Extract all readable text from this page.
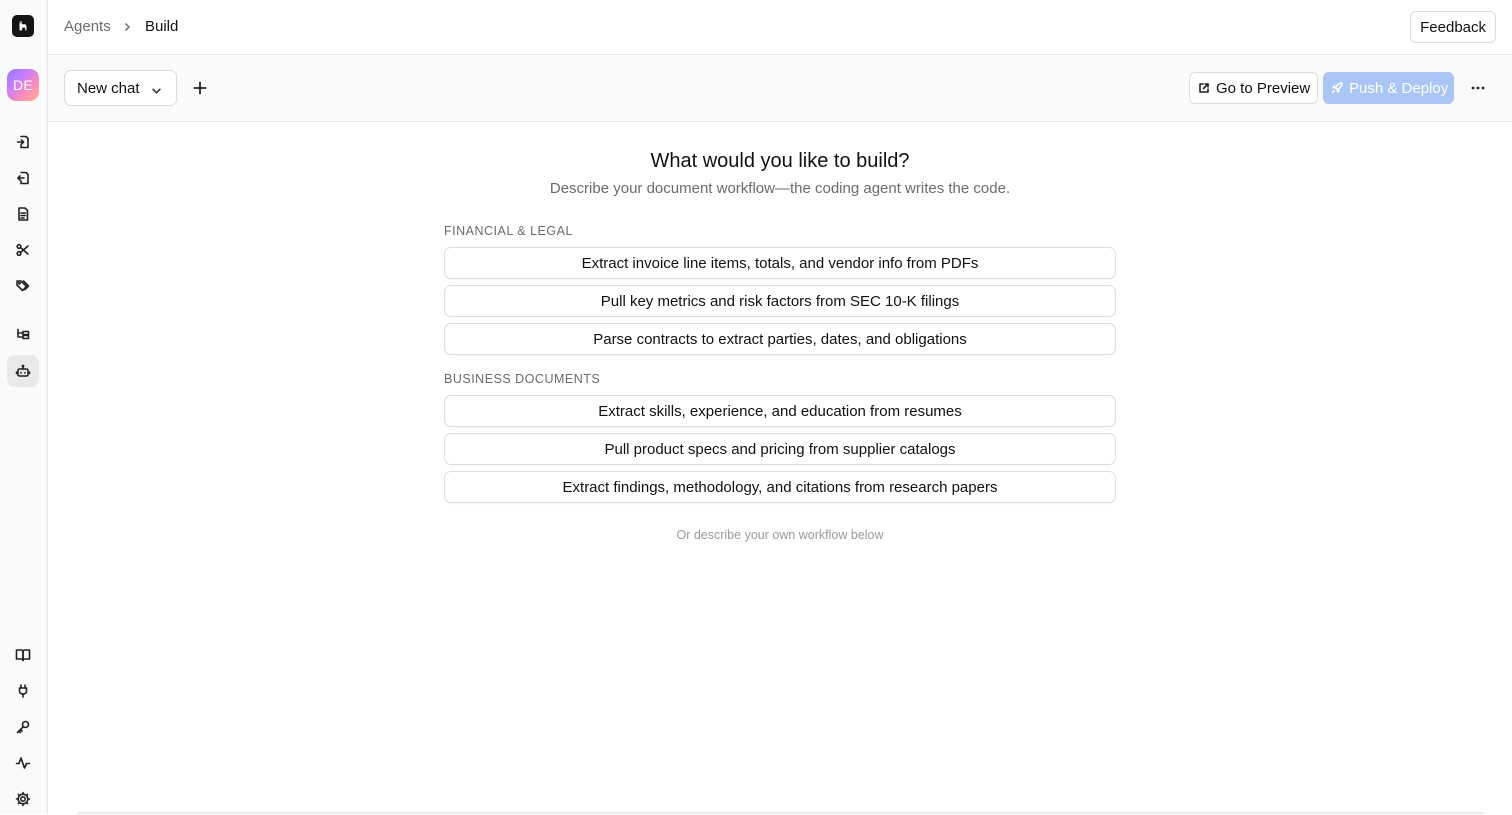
DE
Agents Build	Feedback
New chat	Go to Preview	Push & Deploy
What would you like to build?
Describe your document workflow—the coding agent writes the code.
FINANCIAL & LEGAL
Extract invoice line items, totals, and vendor info from PDFs
Pull key metrics and risk factors from SEC 10-K filings
Parse contracts to extract parties, dates, and obligations
BUSINESS DOCUMENTS
Extract skills, experience, and education from resumes
Pull product specs and pricing from supplier catalogs
Extract findings, methodology, and citations from research papers
Or describe your own workflow below
